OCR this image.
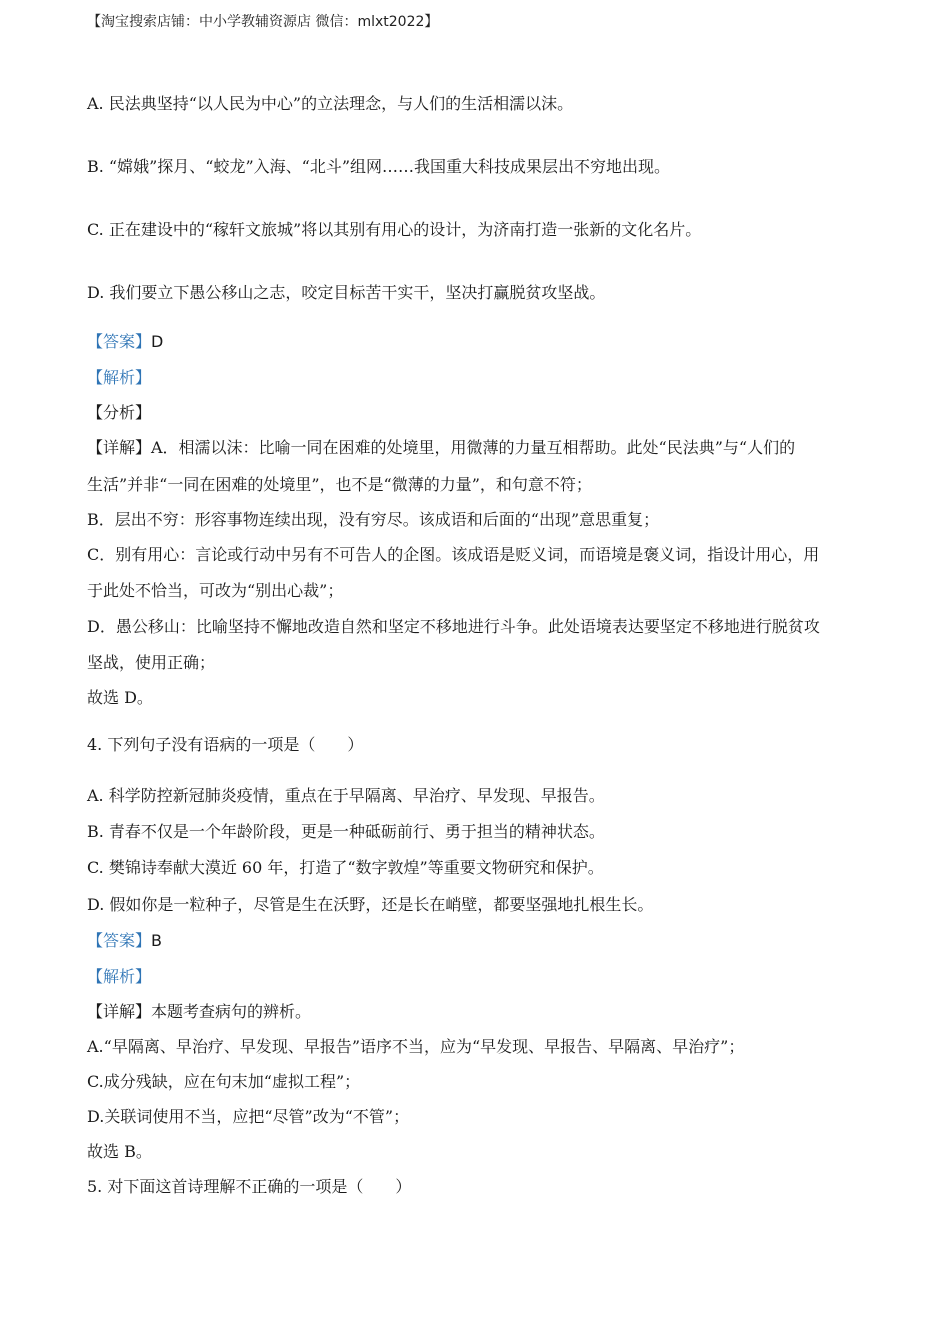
【淘宝搜索店铺：中小学教辅资源店 微信：mlxt2022】
A. 民法典坚持“以人民为中心”的立法理念，与人们的生活相濡以沫。
B. “嫦娥”探月、“蛟龙”入海、“北斗”组网……我国重大科技成果层出不穷地出现。
C. 正在建设中的“稼轩文旅城”将以其别有用心的设计，为济南打造一张新的文化名片。
D. 我们要立下愚公移山之志，咬定目标苦干实干，坚决打赢脱贫攻坚战。
【答案】D
【解析】
【分析】
【详解】A．相濡以沫：比喻一同在困难的处境里，用微薄的力量互相帮助。此处“民法典”与“人们的
生活”并非“一同在困难的处境里”，也不是“微薄的力量”，和句意不符；
B．层出不穷：形容事物连续出现，没有穷尽。该成语和后面的“出现”意思重复；
C．别有用心：言论或行动中另有不可告人的企图。该成语是贬义词，而语境是褒义词，指设计用心，用
于此处不恰当，可改为“别出心裁”；
D．愚公移山：比喻坚持不懈地改造自然和坚定不移地进行斗争。此处语境表达要坚定不移地进行脱贫攻
坚战，使用正确；
故选 D。
4. 下列句子没有语病的一项是（　　）
A. 科学防控新冠肺炎疫情，重点在于早隔离、早治疗、早发现、早报告。
B. 青春不仅是一个年龄阶段，更是一种砥砺前行、勇于担当的精神状态。
C. 樊锦诗奉献大漠近 60 年，打造了“数字敦煌”等重要文物研究和保护。
D. 假如你是一粒种子，尽管是生在沃野，还是长在峭壁，都要坚强地扎根生长。
【答案】B
【解析】
【详解】本题考查病句的辨析。
A.“早隔离、早治疗、早发现、早报告”语序不当，应为“早发现、早报告、早隔离、早治疗”；
C.成分残缺，应在句末加“虚拟工程”；
D.关联词使用不当，应把“尽管”改为“不管”；
故选 B。
5. 对下面这首诗理解不正确的一项是（　　）
